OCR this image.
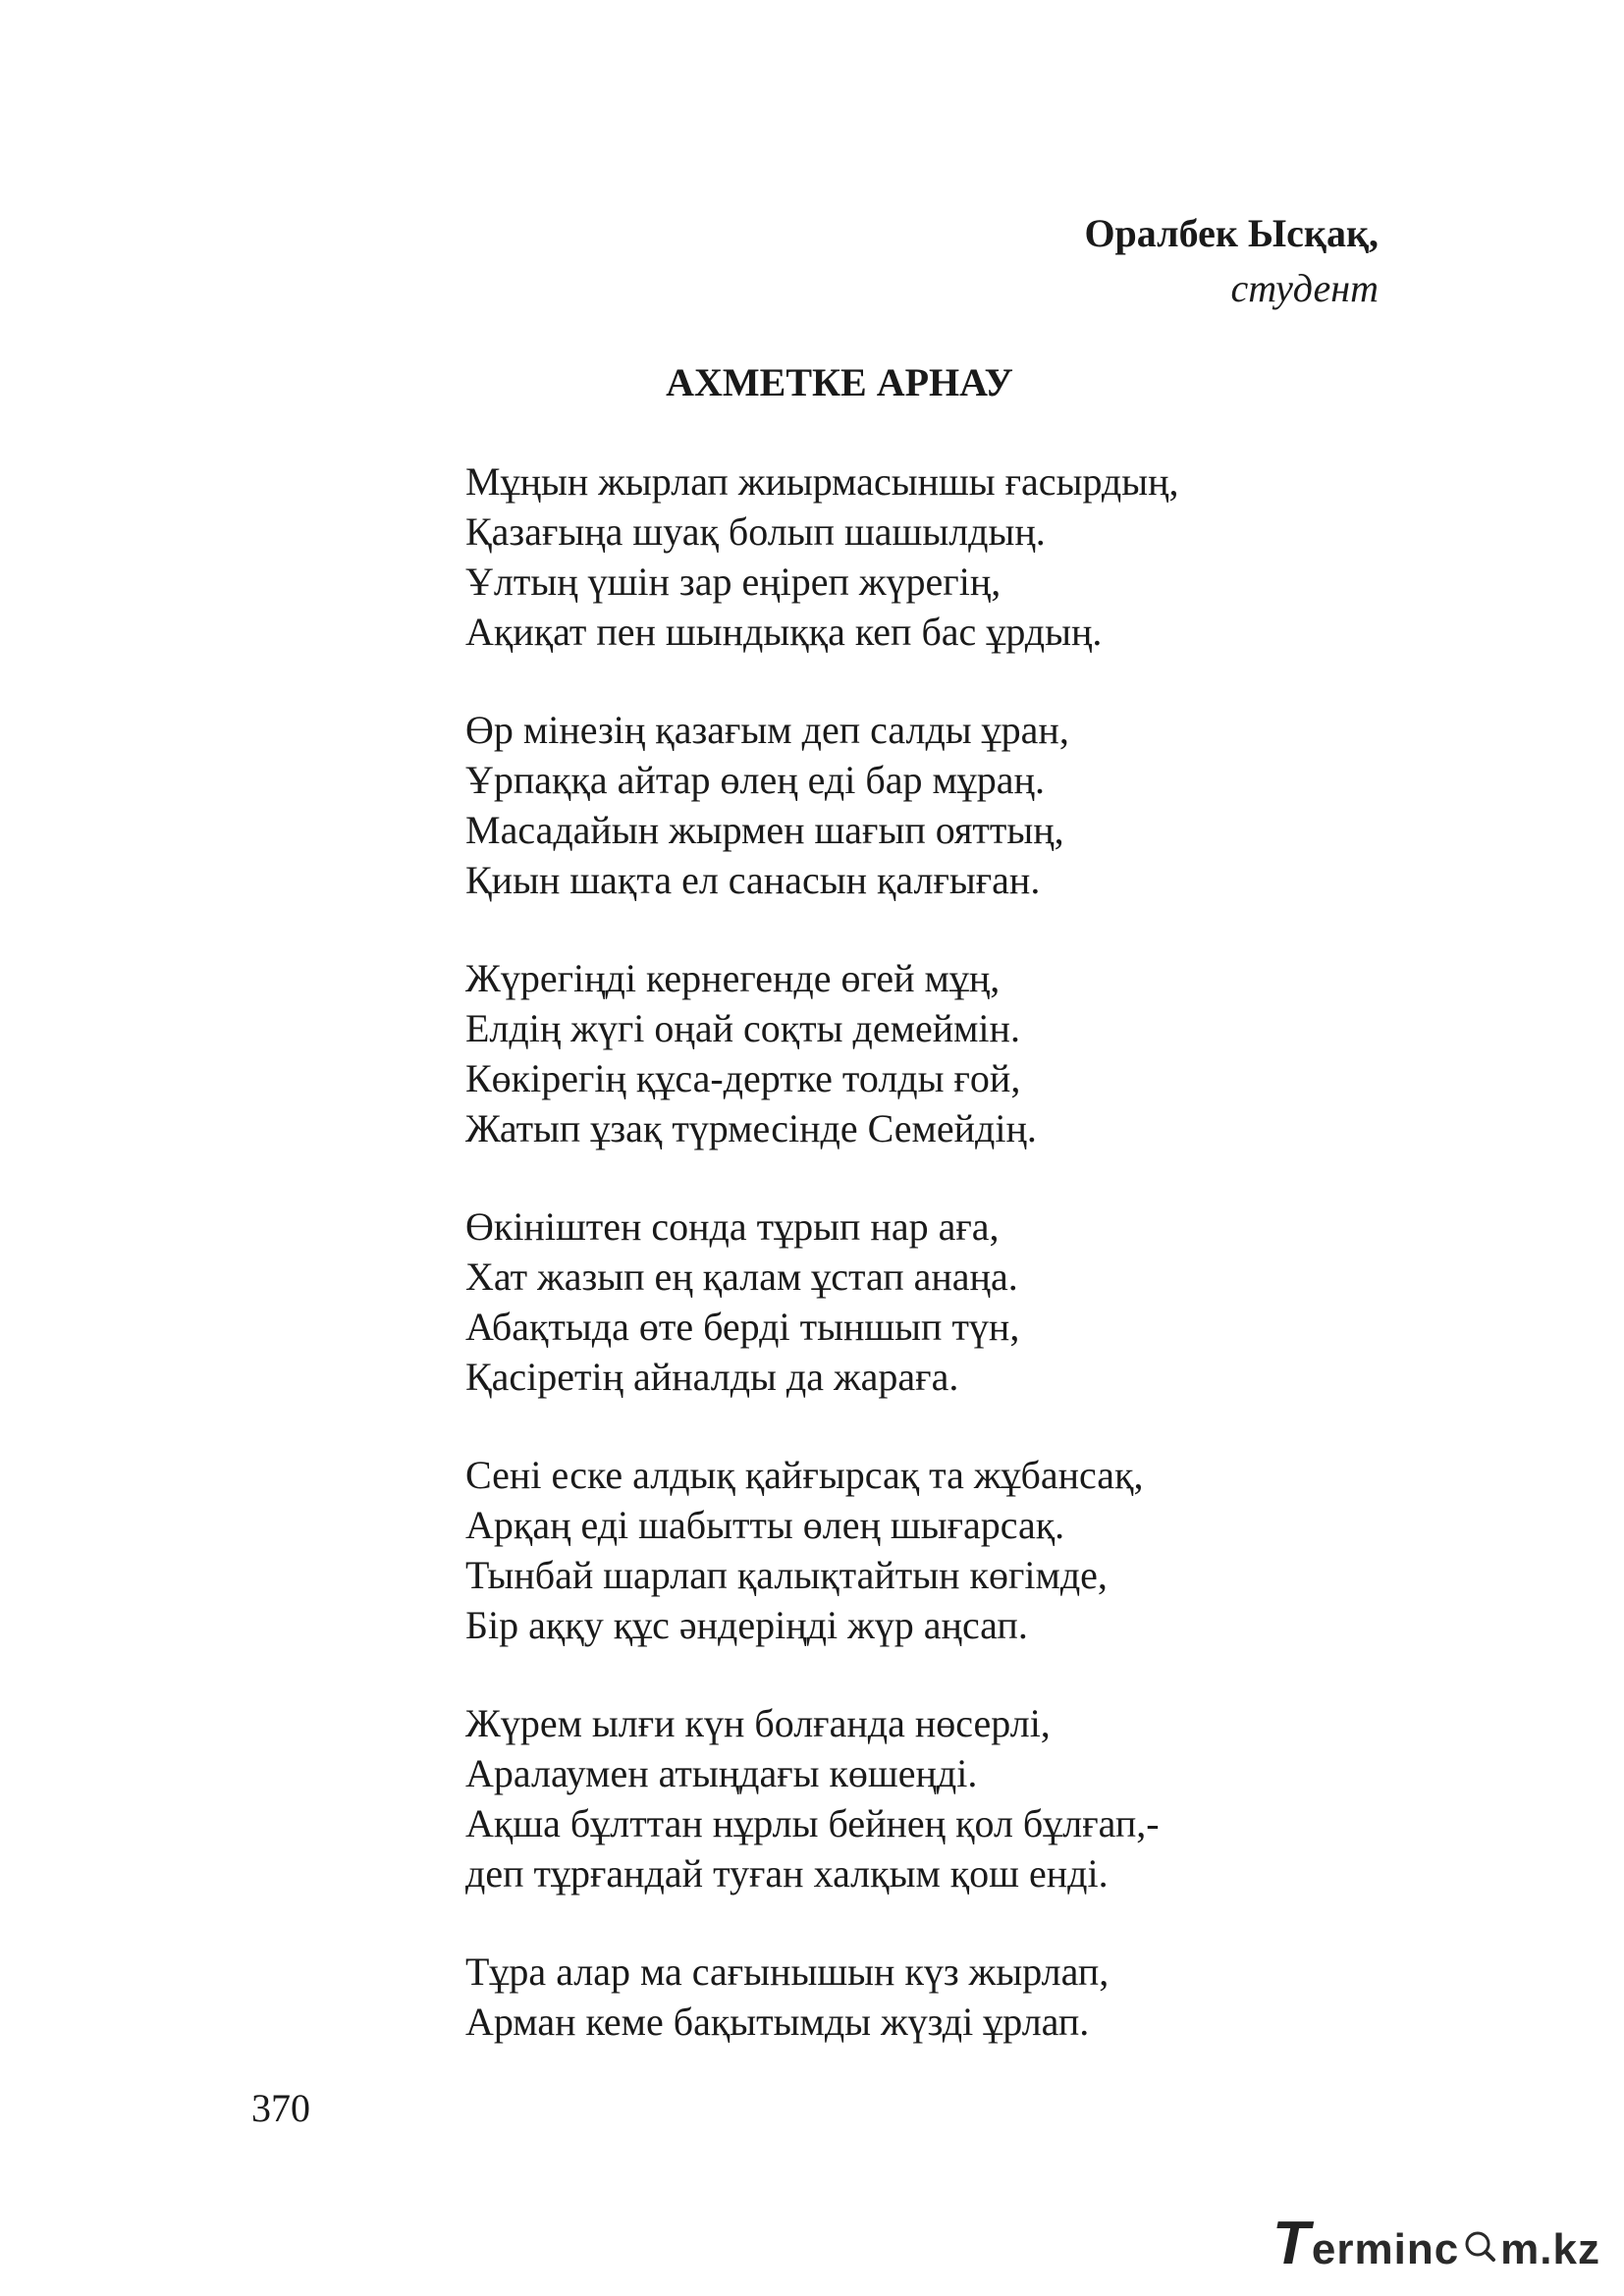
Оралбек Ысқақ,
студент
АХМЕТКЕ АРНАУ
Мұңын жырлап жиырмасыншы ғасырдың,
Қазағыңа шуақ болып шашылдың.
Ұлтың үшін зар еңіреп жүрегің,
Ақиқат пен шындыққа кеп бас ұрдың.
Өр мінезің қазағым деп салды ұран,
Ұрпаққа айтар өлең еді бар мұраң.
Масадайын жырмен шағып ояттың,
Қиын шақта ел санасын қалғыған.
Жүрегіңді кернегенде өгей мұң,
Елдің жүгі оңай соқты демеймін.
Көкірегің құса-дертке толды ғой,
Жатып ұзақ түрмесінде Семейдің.
Өкініштен сонда тұрып нар аға,
Хат жазып ең қалам ұстап анаңа.
Абақтыда өте берді тыншып түн,
Қасіретің айналды да жараға.
Сені еске алдық қайғырсақ та жұбансақ,
Арқаң еді шабытты өлең шығарсақ.
Тынбай шарлап қалықтайтын көгімде,
Бір аққу құс әндеріңді жүр аңсап.
Жүрем ылғи күн болғанда нөсерлі,
Аралаумен атыңдағы көшеңді.
Ақша бұлттан нұрлы бейнең қол бұлғап,-
деп тұрғандай туған халқым қош енді.
Тұра алар ма сағынышын күз жырлап,
Арман кеме бақытымды жүзді ұрлап.
370
T erminc m.kz
